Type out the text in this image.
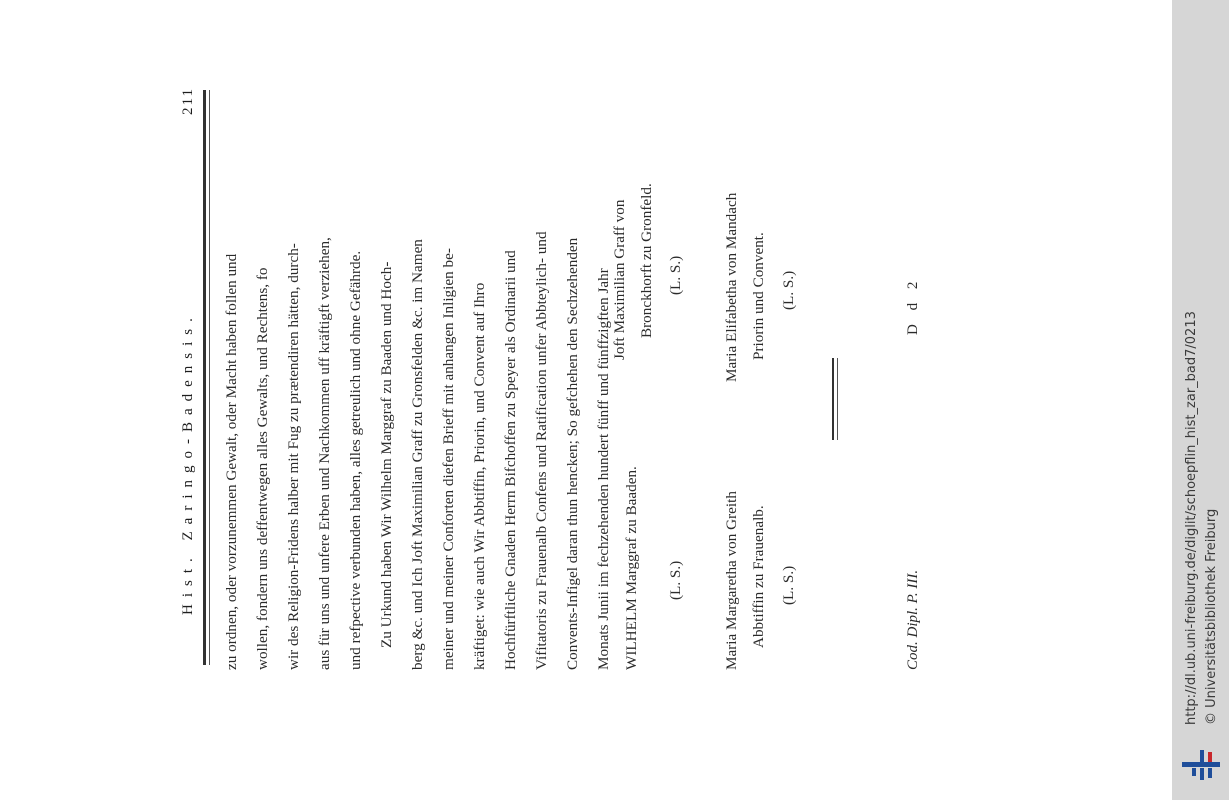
Hist. Zaringo-Badensis.
211
zu ordnen, oder vorzunemmen Gewalt, oder Macht haben follen und wollen, fondern uns deffentwegen alles Gewalts, und Rechtens, fo wir des Religion-Fridens halber mit Fug zu prætendiren hätten, durch- aus für uns und unfere Erben und Nachkommen uff kräftigft verziehen, und refpective verbunden haben, alles getreulich und ohne Gefährde. Zu Urkund haben Wir Wilhelm Marggraf zu Baaden und Hoch- berg &c. und Ich Joft Maximilian Graff zu Gronsfelden &c. im Namen meiner und meiner Conforten diefen Brieff mit anhangen Inligien be- kräftiget: wie auch Wir Abbtiffin, Priorin, und Convent auf Ihro Hochfürftliche Gnaden Herrn Bifchoffen zu Speyer als Ordinarii und Vifitatoris zu Frauenalb Confens und Ratification unfer Abbteylich- und Convents-Infigel daran thun hencken; So gefchehen den Sechzehenden Monats Junii im fechzehenden hundert fünff und fünffzigften Jahr WILHELM Marggraf zu Baaden.
Joft Maximilian Graff von Bronckhorft zu Gronfeld.
(L. S.)
(L. S.)
Maria Margaretha von Greith Abbtiffin zu Frauenalb.
Maria Elifabetha von Mandach Priorin und Convent.
(L. S.)
(L. S.)
Cod. Dipl. P. III.
D d 2
http://dl.ub.uni-freiburg.de/diglit/schoepflin_hist_zar_bad7/0213 © Universitätsbibliothek Freiburg
